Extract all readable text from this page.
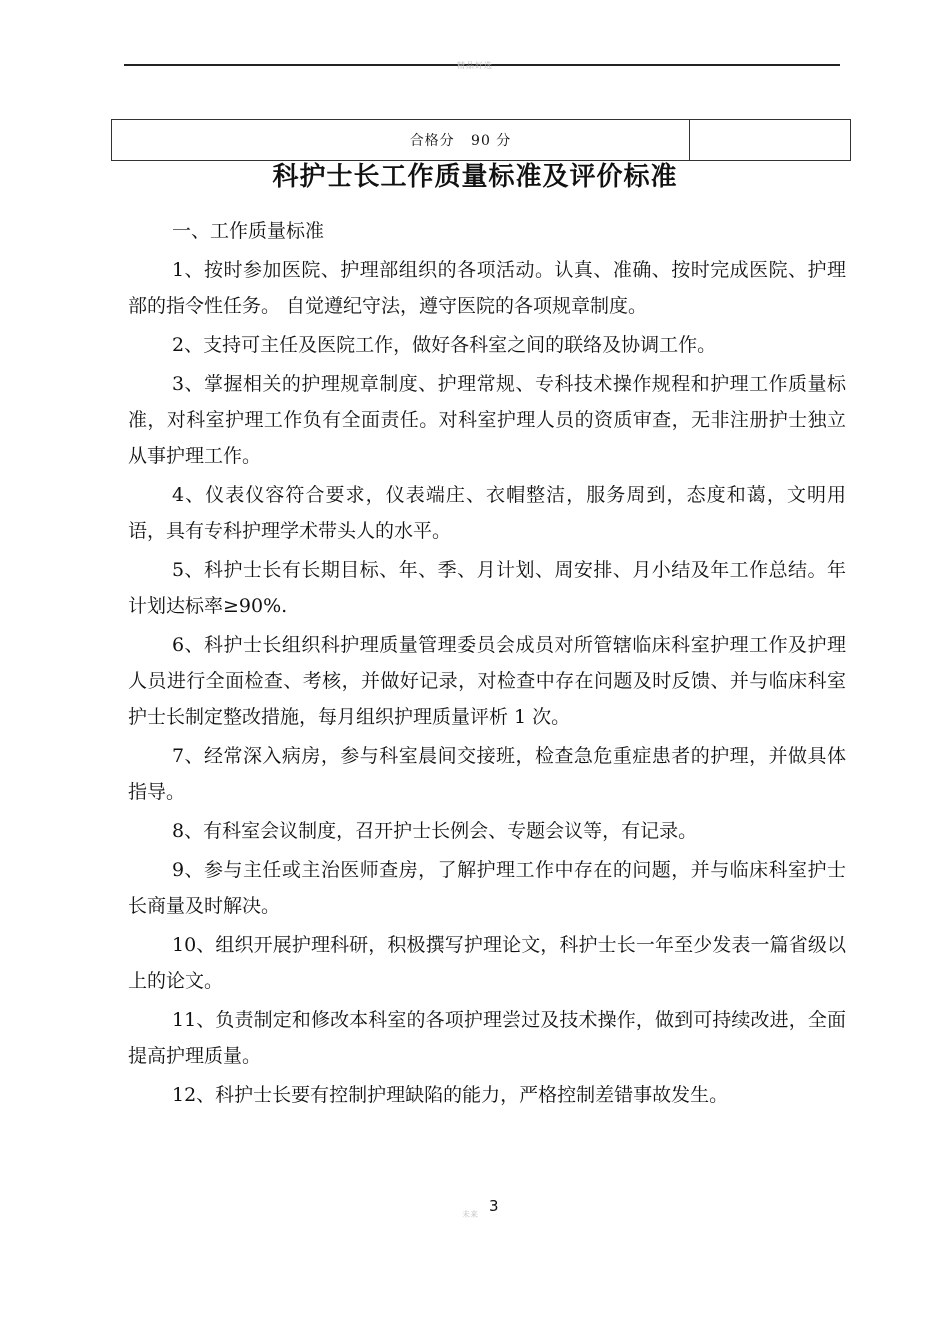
精品好选
合格分   90 分
科护士长工作质量标准及评价标准
一、工作质量标准

1、按时参加医院、护理部组织的各项活动。认真、准确、按时完成医院、护理部的指令性任务。 自觉遵纪守法，遵守医院的各项规章制度。

2、支持可主任及医院工作，做好各科室之间的联络及协调工作。

3、掌握相关的护理规章制度、护理常规、专科技术操作规程和护理工作质量标准，对科室护理工作负有全面责任。对科室护理人员的资质审查，无非注册护士独立从事护理工作。

4、仪表仪容符合要求，仪表端庄、衣帽整洁，服务周到，态度和蔼，文明用语，具有专科护理学术带头人的水平。

5、科护士长有长期目标、年、季、月计划、周安排、月小结及年工作总结。年计划达标率≥90%.

6、科护士长组织科护理质量管理委员会成员对所管辖临床科室护理工作及护理人员进行全面检查、考核，并做好记录，对检查中存在问题及时反馈、并与临床科室护士长制定整改措施，每月组织护理质量评析 1 次。

7、经常深入病房，参与科室晨间交接班，检查急危重症患者的护理，并做具体指导。

8、有科室会议制度，召开护士长例会、专题会议等，有记录。

9、参与主任或主治医师查房，了解护理工作中存在的问题，并与临床科室护士长商量及时解决。

10、组织开展护理科研，积极撰写护理论文，科护士长一年至少发表一篇省级以上的论文。

11、负责制定和修改本科室的各项护理尝过及技术操作，做到可持续改进，全面提高护理质量。

12、科护士长要有控制护理缺陷的能力，严格控制差错事故发生。

未来 3
